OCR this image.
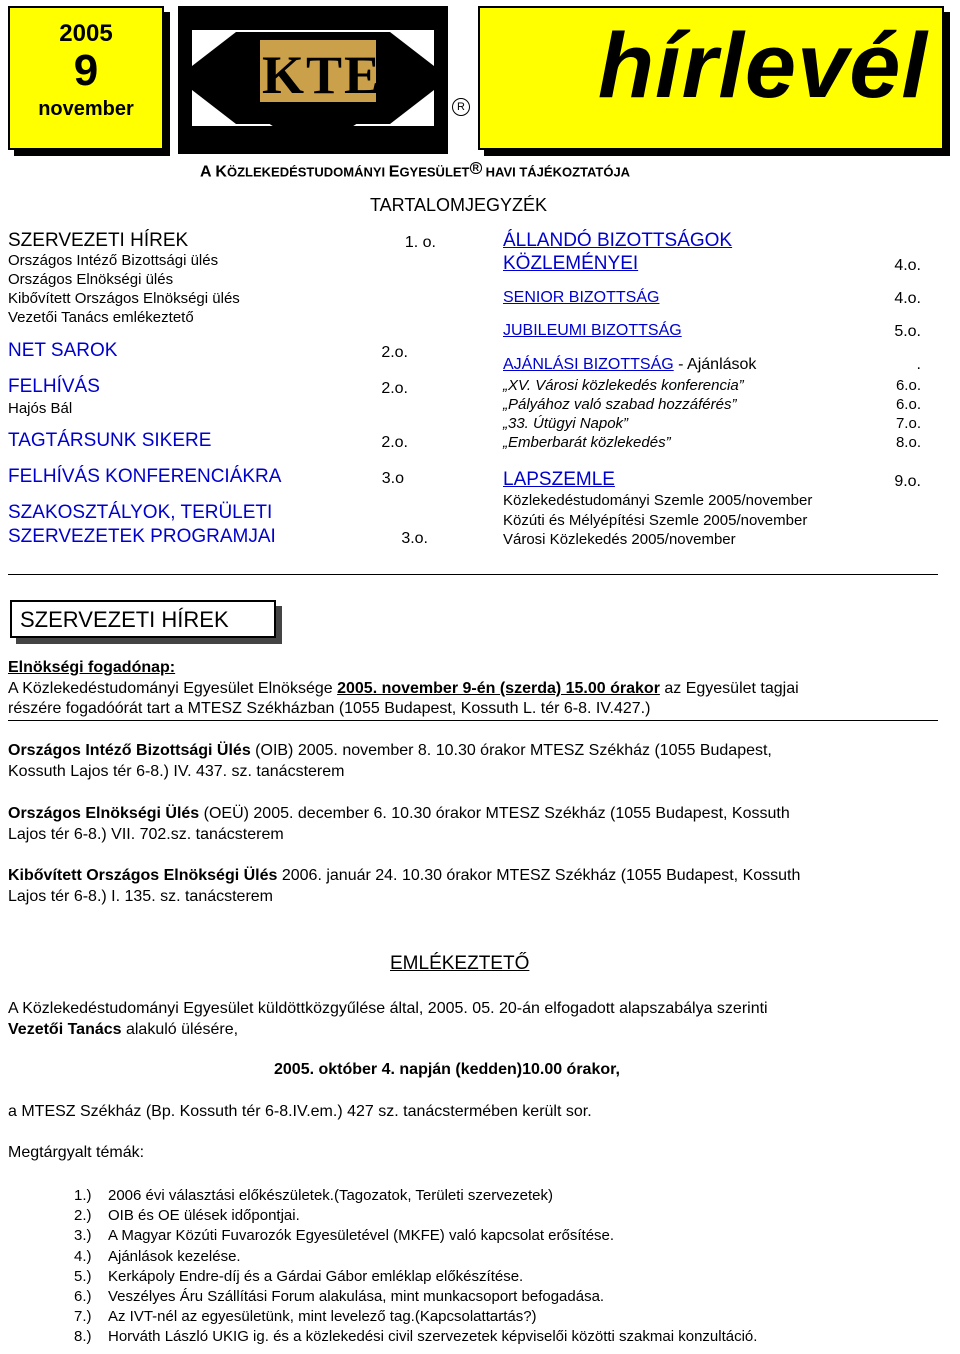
2005
9
november
KTE
R	hírlevél
A KÖZLEKEDÉSTUDOMÁNYI EGYESÜLET $^R$ HAVI TÁJÉKOZTATÓJA
TARTALOMJEGYZÉK
SZERVEZETI HÍREK	1. o.
Országos Intéző Bizottsági ülés
Országos Elnökségi ülés
Kibővített Országos Elnökségi ülés
Vezetői Tanács emlékeztető
NET SAROK	2.o.
FELHÍVÁS	2.o.
Hajós Bál
TAGTÁRSUNK SIKERE	2.o.
FELHÍVÁS KONFERENCIÁKRA	3.o
SZAKOSZTÁLYOK, TERÜLETI
SZERVEZETEK PROGRAMJAI	3.o.
ÁLLANDÓ BIZOTTSÁGOK
KÖZLEMÉNYEI	4.o.
SENIOR BIZOTTSÁG	4.o.
JUBILEUMI BIZOTTSÁG	5.o.
AJÁNLÁSI BIZOTTSÁG - Ajánlások	.
„XV. Városi közlekedés konferencia”	6.o.
„Pályához való szabad hozzáférés”	6.o.
„33. Útügyi Napok”	7.o.
„Emberbarát közlekedés”	8.o.
LAPSZEMLE	9.o.
Közlekedéstudományi Szemle 2005/november
Közúti és Mélyépítési Szemle 2005/november
Városi Közlekedés 2005/november
SZERVEZETI HÍREK
Elnökségi fogadónap:
A Közlekedéstudományi Egyesület Elnöksége 2005. november 9-én (szerda) 15.00 órakor az Egyesület tagjai
részére fogadóórát tart a MTESZ Székházban (1055 Budapest, Kossuth L. tér 6-8. IV.427.)
Országos Intéző Bizottsági Ülés (OIB) 2005. november 8. 10.30 órakor MTESZ Székház (1055 Budapest,
Kossuth Lajos tér 6-8.) IV. 437. sz. tanácsterem
Országos Elnökségi Ülés (OEÜ) 2005. december 6. 10.30 órakor MTESZ Székház (1055 Budapest, Kossuth
Lajos tér 6-8.) VII. 702.sz. tanácsterem
Kibővített Országos Elnökségi Ülés 2006. január 24. 10.30 órakor MTESZ Székház (1055 Budapest, Kossuth
Lajos tér 6-8.) I. 135. sz. tanácsterem
EMLÉKEZTETŐ
A Közlekedéstudományi Egyesület küldöttközgyűlése által, 2005. 05. 20-án elfogadott alapszabálya szerinti
Vezetői Tanács alakuló ülésére,
2005. október 4. napján (kedden)10.00 órakor,
a MTESZ Székház (Bp. Kossuth tér 6-8.IV.em.) 427 sz. tanácstermében került sor.
Megtárgyalt témák:
1.) 2006 évi választási előkészületek.(Tagozatok, Területi szervezetek)
2.) OIB és OE ülések időpontjai.
3.) A Magyar Közúti Fuvarozók Egyesületével (MKFE) való kapcsolat erősítése.
4.) Ajánlások kezelése.
5.) Kerkápoly Endre-díj és a Gárdai Gábor emléklap előkészítése.
6.) Veszélyes Áru Szállítási Forum alakulása, mint munkacsoport befogadása.
7.) Az IVT-nél az egyesületünk, mint levelező tag.(Kapcsolattartás?)
8.) Horváth László UKIG ig. és a közlekedési civil szervezetek képviselői közötti szakmai konzultáció.
